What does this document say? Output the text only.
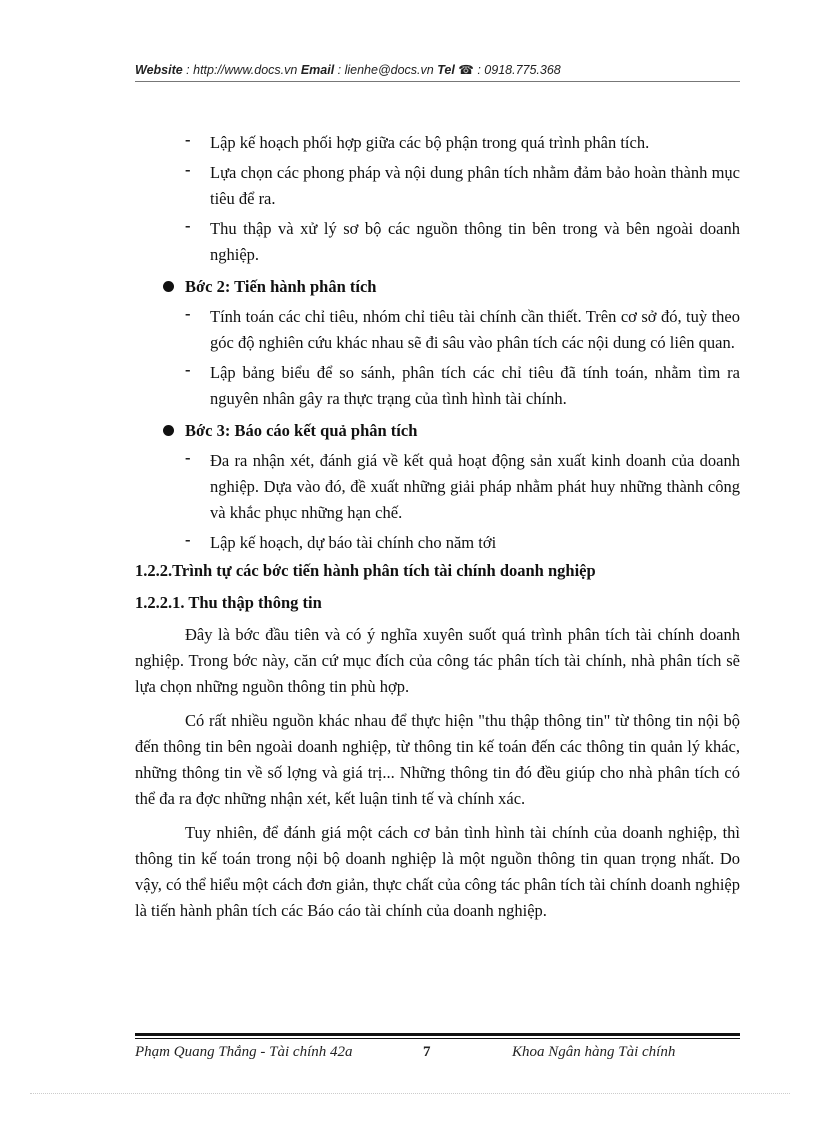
Website : http://www.docs.vn Email : lienhe@docs.vn Tel ☎ : 0918.775.368
- Lập kế hoạch phối hợp giữa các bộ phận trong quá trình phân tích.
- Lựa chọn các phong pháp và nội dung phân tích nhằm đảm bảo hoàn thành mục tiêu để ra.
- Thu thập và xử lý sơ bộ các nguồn thông tin bên trong và bên ngoài doanh nghiệp.
Bớc 2: Tiến hành phân tích
- Tính toán các chỉ tiêu, nhóm chỉ tiêu tài chính cần thiết. Trên cơ sở đó, tuỳ theo góc độ nghiên cứu khác nhau sẽ đi sâu vào phân tích các nội dung có liên quan.
- Lập bảng biểu để so sánh, phân tích các chỉ tiêu đã tính toán, nhằm tìm ra nguyên nhân gây ra thực trạng của tình hình tài chính.
Bớc 3: Báo cáo kết quả phân tích
- Đa ra nhận xét, đánh giá về kết quả hoạt động sản xuất kinh doanh của doanh nghiệp. Dựa vào đó, đề xuất những giải pháp nhằm phát huy những thành công và khắc phục những hạn chế.
- Lập kế hoạch, dự báo tài chính cho năm tới
1.2.2.Trình tự các bớc tiến hành phân tích tài chính doanh nghiệp
1.2.2.1. Thu thập thông tin
Đây là bớc đầu tiên và có ý nghĩa xuyên suốt quá trình phân tích tài chính doanh nghiệp. Trong bớc này, căn cứ mục đích của công tác phân tích tài chính, nhà phân tích sẽ lựa chọn những nguồn thông tin phù hợp.
Có rất nhiều nguồn khác nhau để thực hiện "thu thập thông tin" từ thông tin nội bộ đến thông tin bên ngoài doanh nghiệp, từ thông tin kế toán đến các thông tin quản lý khác, những thông tin về số lợng và giá trị... Những thông tin đó đều giúp cho nhà phân tích có thể đa ra đợc những nhận xét, kết luận tinh tế và chính xác.
Tuy nhiên, để đánh giá một cách cơ bản tình hình tài chính của doanh nghiệp, thì thông tin kế toán trong nội bộ doanh nghiệp là một nguồn thông tin quan trọng nhất. Do vậy, có thể hiểu một cách đơn giản, thực chất của công tác phân tích tài chính doanh nghiệp là tiến hành phân tích các Báo cáo tài chính của doanh nghiệp.
Phạm Quang Thắng - Tài chính 42a	7	Khoa Ngân hàng Tài chính
